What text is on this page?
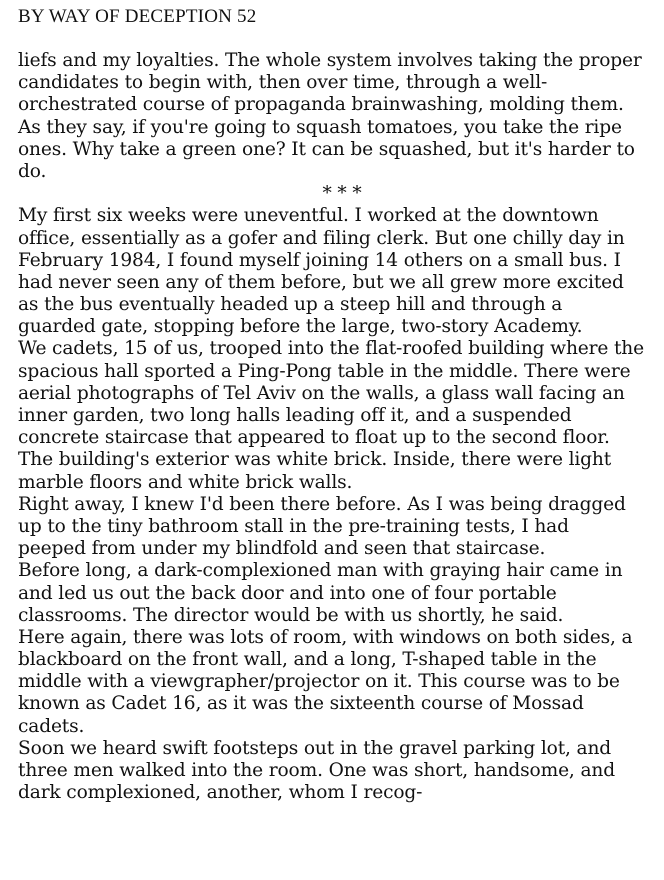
BY WAY OF DECEPTION 52
liefs and my loyalties. The whole system involves taking the proper
candidates to begin with, then over time, through a well-
orchestrated course of propaganda brainwashing, molding them.
As they say, if you're going to squash tomatoes, you take the ripe
ones. Why take a green one? It can be squashed, but it's harder to
do.
* * *
My first six weeks were uneventful. I worked at the downtown
office, essentially as a gofer and filing clerk. But one chilly day in
February 1984, I found myself joining 14 others on a small bus. I
had never seen any of them before, but we all grew more excited
as the bus eventually headed up a steep hill and through a
guarded gate, stopping before the large, two-story Academy.
We cadets, 15 of us, trooped into the flat-roofed building where the
spacious hall sported a Ping-Pong table in the middle. There were
aerial photographs of Tel Aviv on the walls, a glass wall facing an
inner garden, two long halls leading off it, and a suspended
concrete staircase that appeared to float up to the second floor.
The building's exterior was white brick. Inside, there were light
marble floors and white brick walls.
Right away, I knew I'd been there before. As I was being dragged
up to the tiny bathroom stall in the pre-training tests, I had
peeped from under my blindfold and seen that staircase.
Before long, a dark-complexioned man with graying hair came in
and led us out the back door and into one of four portable
classrooms. The director would be with us shortly, he said.
Here again, there was lots of room, with windows on both sides, a
blackboard on the front wall, and a long, T-shaped table in the
middle with a viewgrapher/projector on it. This course was to be
known as Cadet 16, as it was the sixteenth course of Mossad
cadets.
Soon we heard swift footsteps out in the gravel parking lot, and
three men walked into the room. One was short, handsome, and
dark complexioned, another, whom I recog-
